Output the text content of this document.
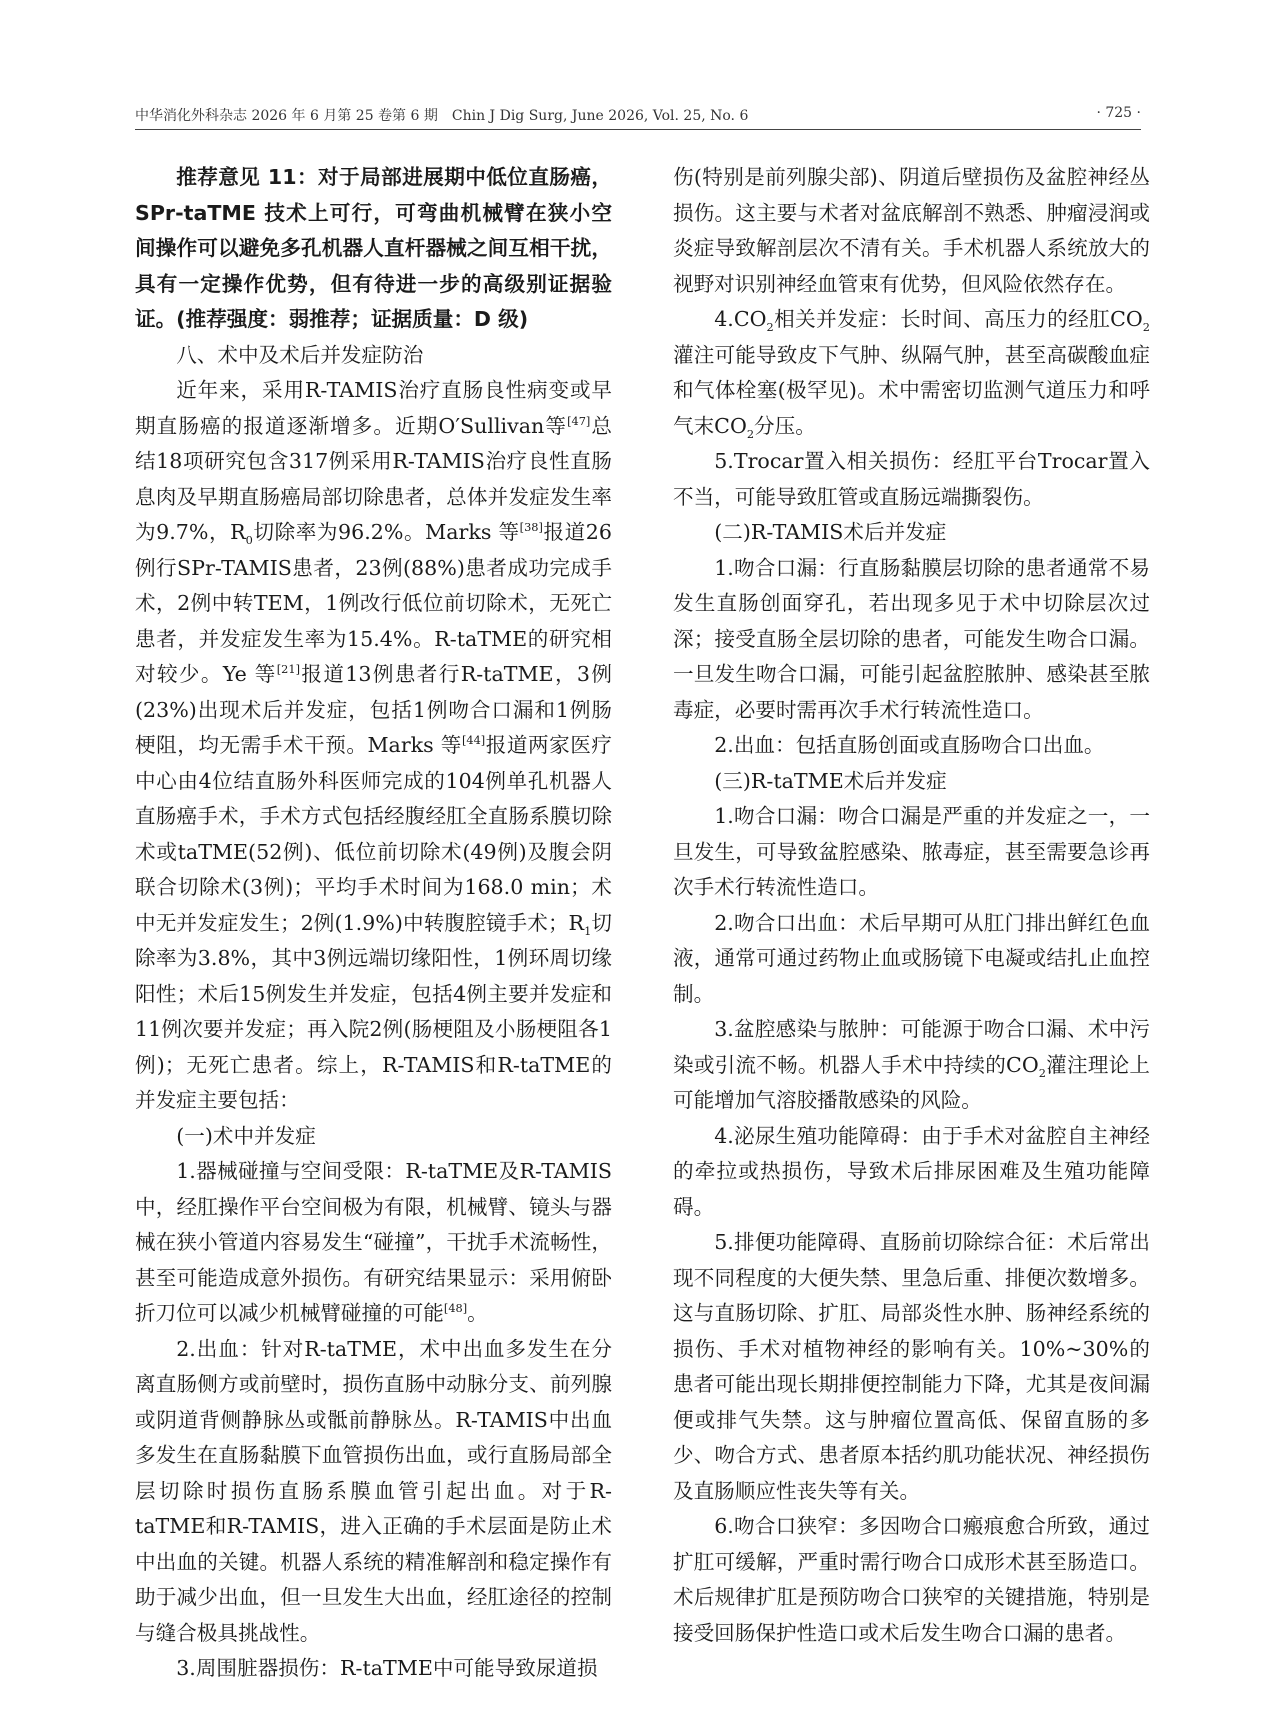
中华消化外科杂志 2026 年 6 月第 25 卷第 6 期　Chin J Dig Surg, June 2026, Vol. 25, No. 6	· 725 ·

推荐意见 11：对于局部进展期中低位直肠癌，SPr-taTME 技术上可行，可弯曲机械臂在狭小空间操作可以避免多孔机器人直杆器械之间互相干扰，具有一定操作优势，但有待进一步的高级别证据验证。(推荐强度：弱推荐；证据质量：D 级)

八、术中及术后并发症防治

近年来，采用R-TAMIS治疗直肠良性病变或早期直肠癌的报道逐渐增多。近期O′Sullivan等[47]总结18项研究包含317例采用R-TAMIS治疗良性直肠息肉及早期直肠癌局部切除患者，总体并发症发生率为9.7%，$R_0$切除率为96.2%。Marks 等[38]报道26例行SPr-TAMIS患者，23例(88%)患者成功完成手术，2例中转TEM，1例改行低位前切除术，无死亡患者，并发症发生率为15.4%。R-taTME的研究相对较少。Ye 等[21]报道13例患者行R-taTME，3例(23%)出现术后并发症，包括1例吻合口漏和1例肠梗阻，均无需手术干预。Marks 等[44]报道两家医疗中心由4位结直肠外科医师完成的104例单孔机器人直肠癌手术，手术方式包括经腹经肛全直肠系膜切除术或taTME(52例)、低位前切除术(49例)及腹会阴联合切除术(3例)；平均手术时间为168.0 min；术中无并发症发生；2例(1.9%)中转腹腔镜手术；$R_1$切除率为3.8%，其中3例远端切缘阳性，1例环周切缘阳性；术后15例发生并发症，包括4例主要并发症和11例次要并发症；再入院2例(肠梗阻及小肠梗阻各1例)；无死亡患者。综上，R-TAMIS和R-taTME的并发症主要包括：

(一)术中并发症

1.器械碰撞与空间受限：R-taTME及R-TAMIS中，经肛操作平台空间极为有限，机械臂、镜头与器械在狭小管道内容易发生“碰撞”，干扰手术流畅性，甚至可能造成意外损伤。有研究结果显示：采用俯卧折刀位可以减少机械臂碰撞的可能[48]。

2.出血：针对R-taTME，术中出血多发生在分离直肠侧方或前壁时，损伤直肠中动脉分支、前列腺或阴道背侧静脉丛或骶前静脉丛。R-TAMIS中出血多发生在直肠黏膜下血管损伤出血，或行直肠局部全层切除时损伤直肠系膜血管引起出血。对于R-taTME和R-TAMIS，进入正确的手术层面是防止术中出血的关键。机器人系统的精准解剖和稳定操作有助于减少出血，但一旦发生大出血，经肛途径的控制与缝合极具挑战性。

3.周围脏器损伤：R-taTME中可能导致尿道损

伤(特别是前列腺尖部)、阴道后壁损伤及盆腔神经丛损伤。这主要与术者对盆底解剖不熟悉、肿瘤浸润或炎症导致解剖层次不清有关。手术机器人系统放大的视野对识别神经血管束有优势，但风险依然存在。

$4.CO_2$相关并发症：长时间、高压力的经肛$CO_2$灌注可能导致皮下气肿、纵隔气肿，甚至高碳酸血症和气体栓塞(极罕见)。术中需密切监测气道压力和呼气末$CO_2$分压。

5.Trocar置入相关损伤：经肛平台Trocar置入不当，可能导致肛管或直肠远端撕裂伤。

(二)R-TAMIS术后并发症

1.吻合口漏：行直肠黏膜层切除的患者通常不易发生直肠创面穿孔，若出现多见于术中切除层次过深；接受直肠全层切除的患者，可能发生吻合口漏。一旦发生吻合口漏，可能引起盆腔脓肿、感染甚至脓毒症，必要时需再次手术行转流性造口。

2.出血：包括直肠创面或直肠吻合口出血。

(三)R-taTME术后并发症

1.吻合口漏：吻合口漏是严重的并发症之一，一旦发生，可导致盆腔感染、脓毒症，甚至需要急诊再次手术行转流性造口。

2.吻合口出血：术后早期可从肛门排出鲜红色血液，通常可通过药物止血或肠镜下电凝或结扎止血控制。

3.盆腔感染与脓肿：可能源于吻合口漏、术中污染或引流不畅。机器人手术中持续的$CO_2$灌注理论上可能增加气溶胶播散感染的风险。

4.泌尿生殖功能障碍：由于手术对盆腔自主神经的牵拉或热损伤，导致术后排尿困难及生殖功能障碍。

5.排便功能障碍、直肠前切除综合征：术后常出现不同程度的大便失禁、里急后重、排便次数增多。这与直肠切除、扩肛、局部炎性水肿、肠神经系统的损伤、手术对植物神经的影响有关。10%~30%的患者可能出现长期排便控制能力下降，尤其是夜间漏便或排气失禁。这与肿瘤位置高低、保留直肠的多少、吻合方式、患者原本括约肌功能状况、神经损伤及直肠顺应性丧失等有关。

6.吻合口狭窄：多因吻合口瘢痕愈合所致，通过扩肛可缓解，严重时需行吻合口成形术甚至肠造口。术后规律扩肛是预防吻合口狭窄的关键措施，特别是接受回肠保护性造口或术后发生吻合口漏的患者。
